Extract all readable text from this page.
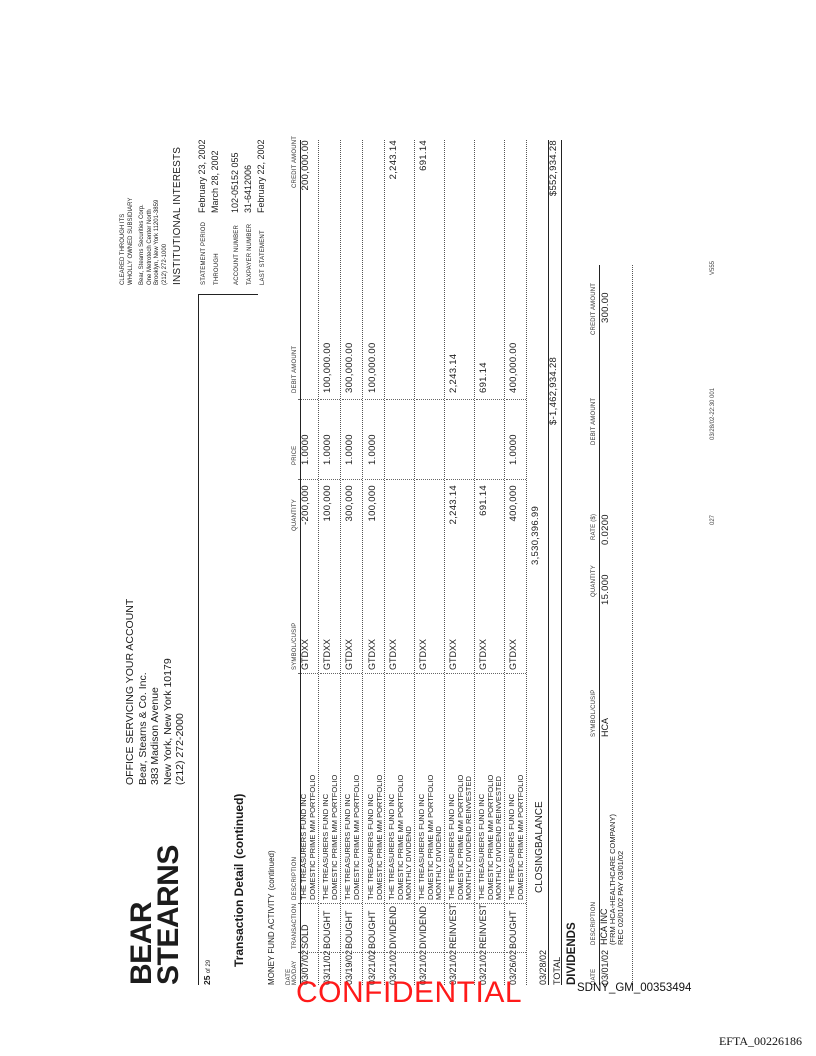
BEAR
STEARNS
OFFICE SERVICING YOUR ACCOUNT Bear, Stearns & Co. Inc. 383 Madison Avenue New York, New York 10179 (212) 272-2000
CLEARED THROUGH ITS WHOLLY OWNED SUBSIDIARY Bear, Stearns Securities Corp. One Metrotech Center North Brooklyn, New York 11201-3859 (212) 272-1000 INSTITUTIONAL INTERESTS
25 of 29
STATEMENT PERIODFebruary 23, 2002
THROUGHMarch 28, 2002
ACCOUNT NUMBER102-05152 055
TAXPAYER NUMBER31-6412006
LAST STATEMENTFebruary 22, 2002
Transaction Detail (continued)
MONEY FUND ACTIVITY (continued)
DATE MO/DAY
TRANSACTION
DESCRIPTION
SYMBOL/CUSIP
QUANTITY
PRICE
DEBIT AMOUNT
CREDIT AMOUNT
03/07/02
SOLD
THE TREASURERS FUND INC DOMESTIC PRIME MM PORTFOLIO
GTDXX
-200,000
1.0000
200,000.00
03/11/02
BOUGHT
THE TREASURERS FUND INC DOMESTIC PRIME MM PORTFOLIO
GTDXX
100,000
1.0000
100,000.00
03/19/02
BOUGHT
THE TREASURERS FUND INC DOMESTIC PRIME MM PORTFOLIO
GTDXX
300,000
1.0000
300,000.00
03/21/02
BOUGHT
THE TREASURERS FUND INC DOMESTIC PRIME MM PORTFOLIO
GTDXX
100,000
1.0000
100,000.00
03/21/02
DIVIDEND
THE TREASURERS FUND INC DOMESTIC PRIME MM PORTFOLIO MONTHLY DIVIDEND
GTDXX
2,243.14
03/21/02
DIVIDEND
THE TREASURERS FUND INC DOMESTIC PRIME MM PORTFOLIO MONTHLY DIVIDEND
GTDXX
691.14
03/21/02
REINVEST
THE TREASURERS FUND INC DOMESTIC PRIME MM PORTFOLIO MONTHLY DIVIDEND REINVESTED
GTDXX
2,243.14
2,243.14
03/21/02
REINVEST
THE TREASURERS FUND INC DOMESTIC PRIME MM PORTFOLIO MONTHLY DIVIDEND REINVESTED
GTDXX
691.14
691.14
03/26/02
BOUGHT
THE TREASURERS FUND INC DOMESTIC PRIME MM PORTFOLIO
GTDXX
400,000
1.0000
400,000.00
03/28/02
CLOSINGBALANCE
3,530,396.99
TOTAL
$-1,462,934.28
$552,934.28
DIVIDENDS DATE
DESCRIPTION
SYMBOL/CUSIP
QUANTITY
RATE ($)
DEBIT AMOUNT
CREDIT AMOUNT
03/01/02
HCA INC
(FRM HCA-HEALTHCARE COMPANY) REC 02/01/02 PAY 03/01/02
HCA
15.000
0.0200
300.00
027
03/28/02-22:30 001
V555
CONFIDENTIAL	SDNY_GM_00353494
EFTA_00226186
